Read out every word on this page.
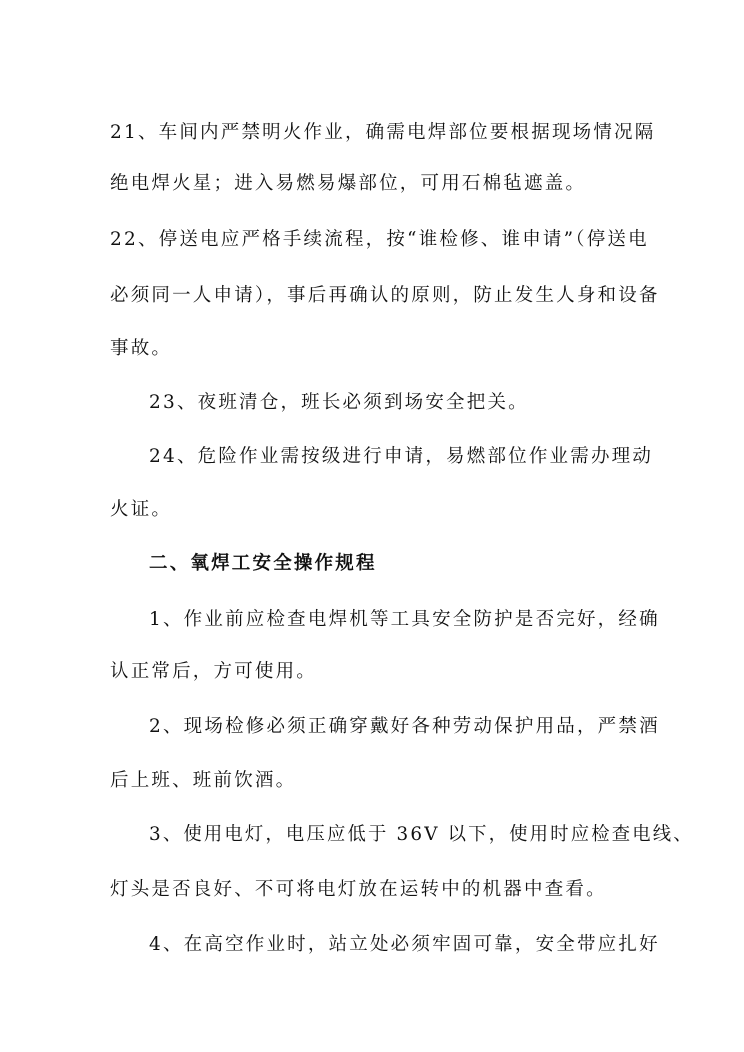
21、车间内严禁明火作业，确需电焊部位要根据现场情况隔
绝电焊火星；进入易燃易爆部位，可用石棉毡遮盖。
22、停送电应严格手续流程，按“谁检修、谁申请”（停送电
必须同一人申请），事后再确认的原则，防止发生人身和设备
事故。
23、夜班清仓，班长必须到场安全把关。
24、危险作业需按级进行申请，易燃部位作业需办理动
火证。
二、氧焊工安全操作规程
1、作业前应检查电焊机等工具安全防护是否完好，经确
认正常后，方可使用。
2、现场检修必须正确穿戴好各种劳动保护用品，严禁酒
后上班、班前饮酒。
3、使用电灯，电压应低于 36V 以下，使用时应检查电线、
灯头是否良好、不可将电灯放在运转中的机器中查看。
4、在高空作业时，站立处必须牢固可靠，安全带应扎好
